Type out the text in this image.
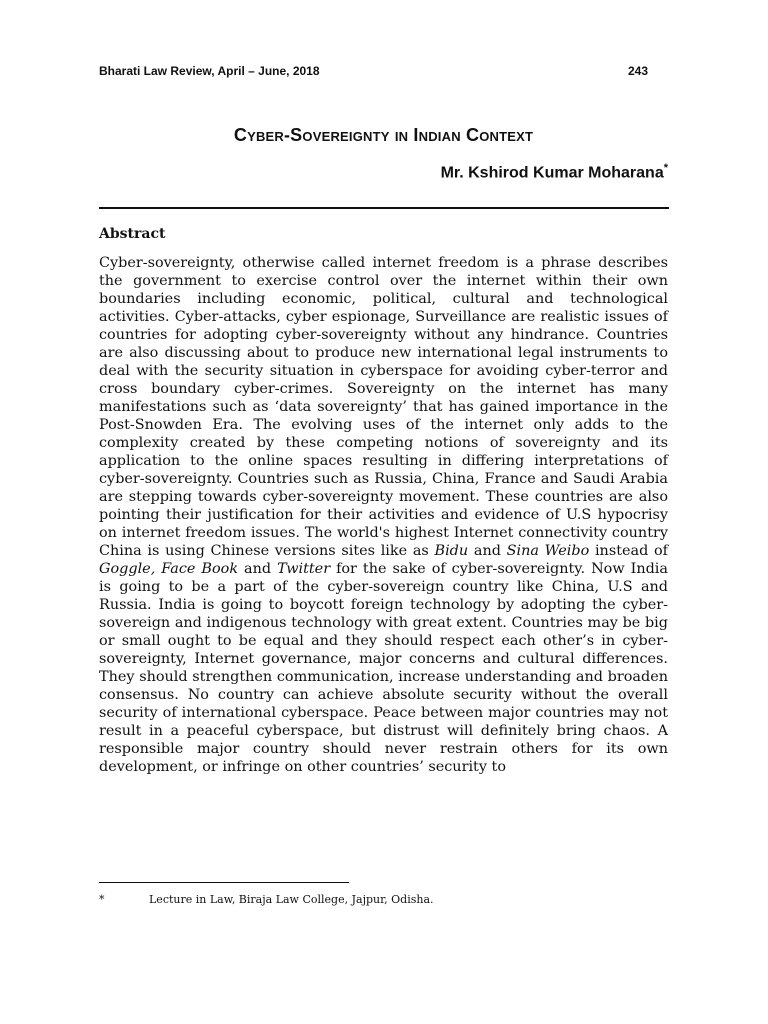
Bharati Law Review, April – June, 2018	243
Cyber-Sovereignty in Indian Context
Mr. Kshirod Kumar Moharana*
Abstract

Cyber-sovereignty, otherwise called internet freedom is a phrase describes the government to exercise control over the internet within their own boundaries including economic, political, cultural and technological activities. Cyber-attacks, cyber espionage, Surveillance are realistic issues of countries for adopting cyber-sovereignty without any hindrance. Countries are also discussing about to produce new international legal instruments to deal with the security situation in cyberspace for avoiding cyber-terror and cross boundary cyber-crimes. Sovereignty on the internet has many manifestations such as ‘data sovereignty’ that has gained importance in the Post-Snowden Era. The evolving uses of the internet only adds to the complexity created by these competing notions of sovereignty and its application to the online spaces resulting in differing interpretations of cyber-sovereignty. Countries such as Russia, China, France and Saudi Arabia are stepping towards cyber-sovereignty movement. These countries are also pointing their justification for their activities and evidence of U.S hypocrisy on internet freedom issues. The world's highest Internet connectivity country China is using Chinese versions sites like as Bidu and Sina Weibo instead of Goggle, Face Book and Twitter for the sake of cyber-sovereignty. Now India is going to be a part of the cyber-sovereign country like China, U.S and Russia. India is going to boycott foreign technology by adopting the cyber-sovereign and indigenous technology with great extent. Countries may be big or small ought to be equal and they should respect each other’s in cyber-sovereignty, Internet governance, major concerns and cultural differences. They should strengthen communication, increase understanding and broaden consensus. No country can achieve absolute security without the overall security of international cyberspace. Peace between major countries may not result in a peaceful cyberspace, but distrust will definitely bring chaos. A responsible major country should never restrain others for its own development, or infringe on other countries’ security to

*	Lecture in Law, Biraja Law College, Jajpur, Odisha.
